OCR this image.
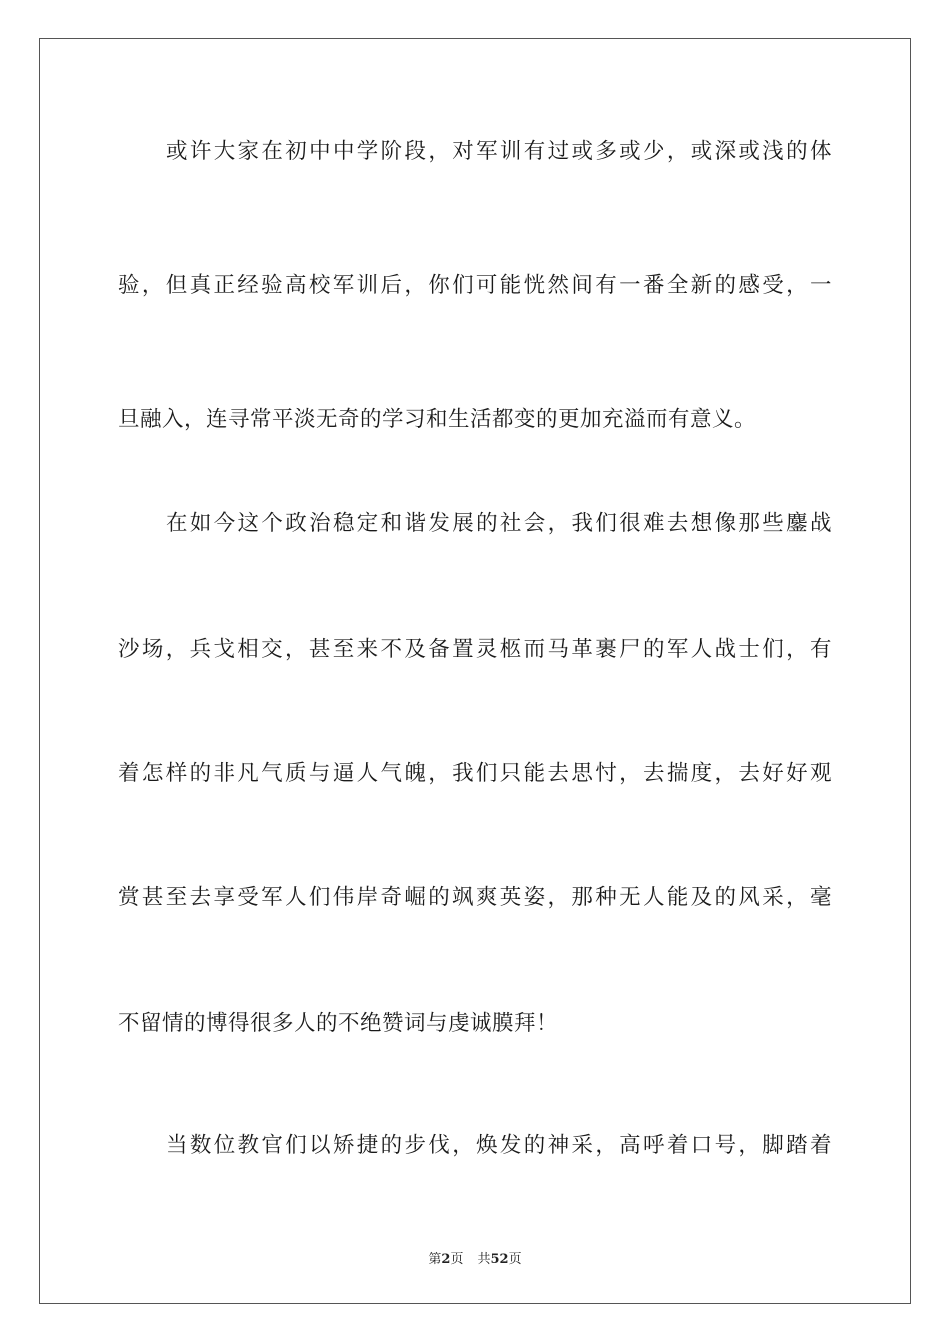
或许大家在初中中学阶段，对军训有过或多或少，或深或浅的体
验，但真正经验高校军训后，你们可能恍然间有一番全新的感受，一
旦融入，连寻常平淡无奇的学习和生活都变的更加充溢而有意义。
在如今这个政治稳定和谐发展的社会，我们很难去想像那些鏖战
沙场，兵戈相交，甚至来不及备置灵柩而马革裹尸的军人战士们，有
着怎样的非凡气质与逼人气魄，我们只能去思忖，去揣度，去好好观
赏甚至去享受军人们伟岸奇崛的飒爽英姿，那种无人能及的风采，毫
不留情的博得很多人的不绝赞词与虔诚膜拜！
当数位教官们以矫捷的步伐，焕发的神采，高呼着口号，脚踏着
第2页 共52页
